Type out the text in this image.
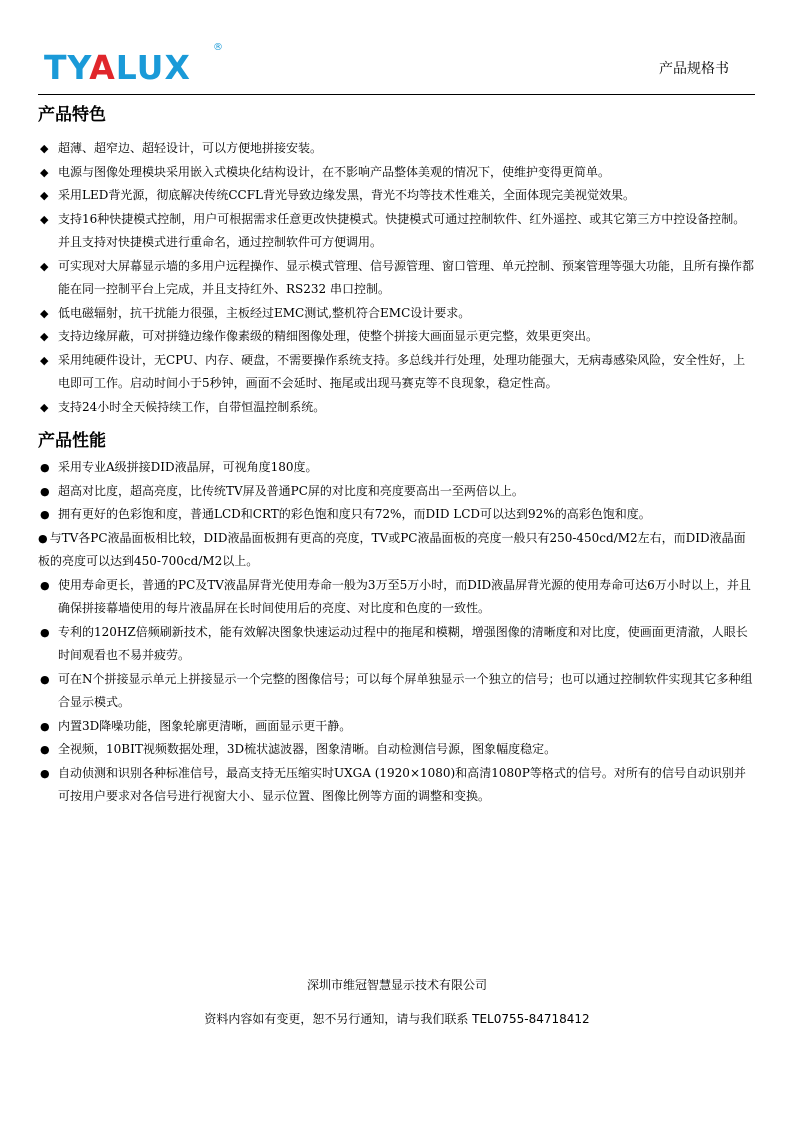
TYALUX
®
产品规格书
产品特色
◆ 超薄、超窄边、超轻设计，可以方便地拼接安装。
◆ 电源与图像处理模块采用嵌入式模块化结构设计，在不影响产品整体美观的情况下，使维护变得更简单。
◆ 采用LED背光源，彻底解决传统CCFL背光导致边缘发黑，背光不均等技术性难关，全面体现完美视觉效果。
◆ 支持16种快捷模式控制，用户可根据需求任意更改快捷模式。快捷模式可通过控制软件、红外遥控、或其它第三方中控设备控制。并且支持对快捷模式进行重命名，通过控制软件可方便调用。
◆ 可实现对大屏幕显示墙的多用户远程操作、显示模式管理、信号源管理、窗口管理、单元控制、预案管理等强大功能，且所有操作都能在同一控制平台上完成，并且支持红外、RS232 串口控制。
◆ 低电磁辐射，抗干扰能力很强，主板经过EMC测试,整机符合EMC设计要求。
◆ 支持边缘屏蔽，可对拼缝边缘作像素级的精细图像处理，使整个拼接大画面显示更完整，效果更突出。
◆ 采用纯硬件设计，无CPU、内存、硬盘，不需要操作系统支持。多总线并行处理，处理功能强大，无病毒感染风险，安全性好，上电即可工作。启动时间小于5秒钟，画面不会延时、拖尾或出现马赛克等不良现象，稳定性高。
◆ 支持24小时全天候持续工作，自带恒温控制系统。
产品性能
● 采用专业A级拼接DID液晶屏，可视角度180度。
● 超高对比度，超高亮度，比传统TV屏及普通PC屏的对比度和亮度要高出一至两倍以上。
● 拥有更好的色彩饱和度，普通LCD和CRT的彩色饱和度只有72%，而DID LCD可以达到92%的高彩色饱和度。
● 与TV各PC液晶面板相比较，DID液晶面板拥有更高的亮度，TV或PC液晶面板的亮度一般只有250-450cd/M2左右，而DID液晶面板的亮度可以达到450-700cd/M2以上。
● 使用寿命更长，普通的PC及TV液晶屏背光使用寿命一般为3万至5万小时，而DID液晶屏背光源的使用寿命可达6万小时以上，并且确保拼接幕墙使用的每片液晶屏在长时间使用后的亮度、对比度和色度的一致性。
● 专利的120HZ倍频刷新技术，能有效解决图象快速运动过程中的拖尾和模糊，增强图像的清晰度和对比度，使画面更清澈，人眼长时间观看也不易并疲劳。
● 可在N个拼接显示单元上拼接显示一个完整的图像信号；可以每个屏单独显示一个独立的信号；也可以通过控制软件实现其它多种组合显示模式。
● 内置3D降噪功能，图象轮廓更清晰，画面显示更干静。
● 全视频，10BIT视频数据处理，3D梳状滤波器，图象清晰。自动检测信号源，图象幅度稳定。
● 自动侦测和识别各种标准信号，最高支持无压缩实时UXGA (1920×1080)和高清1080P等格式的信号。对所有的信号自动识别并可按用户要求对各信号进行视窗大小、显示位置、图像比例等方面的调整和变换。
深圳市维冠智慧显示技术有限公司
资料内容如有变更，恕不另行通知，请与我们联系 TEL0755-84718412
